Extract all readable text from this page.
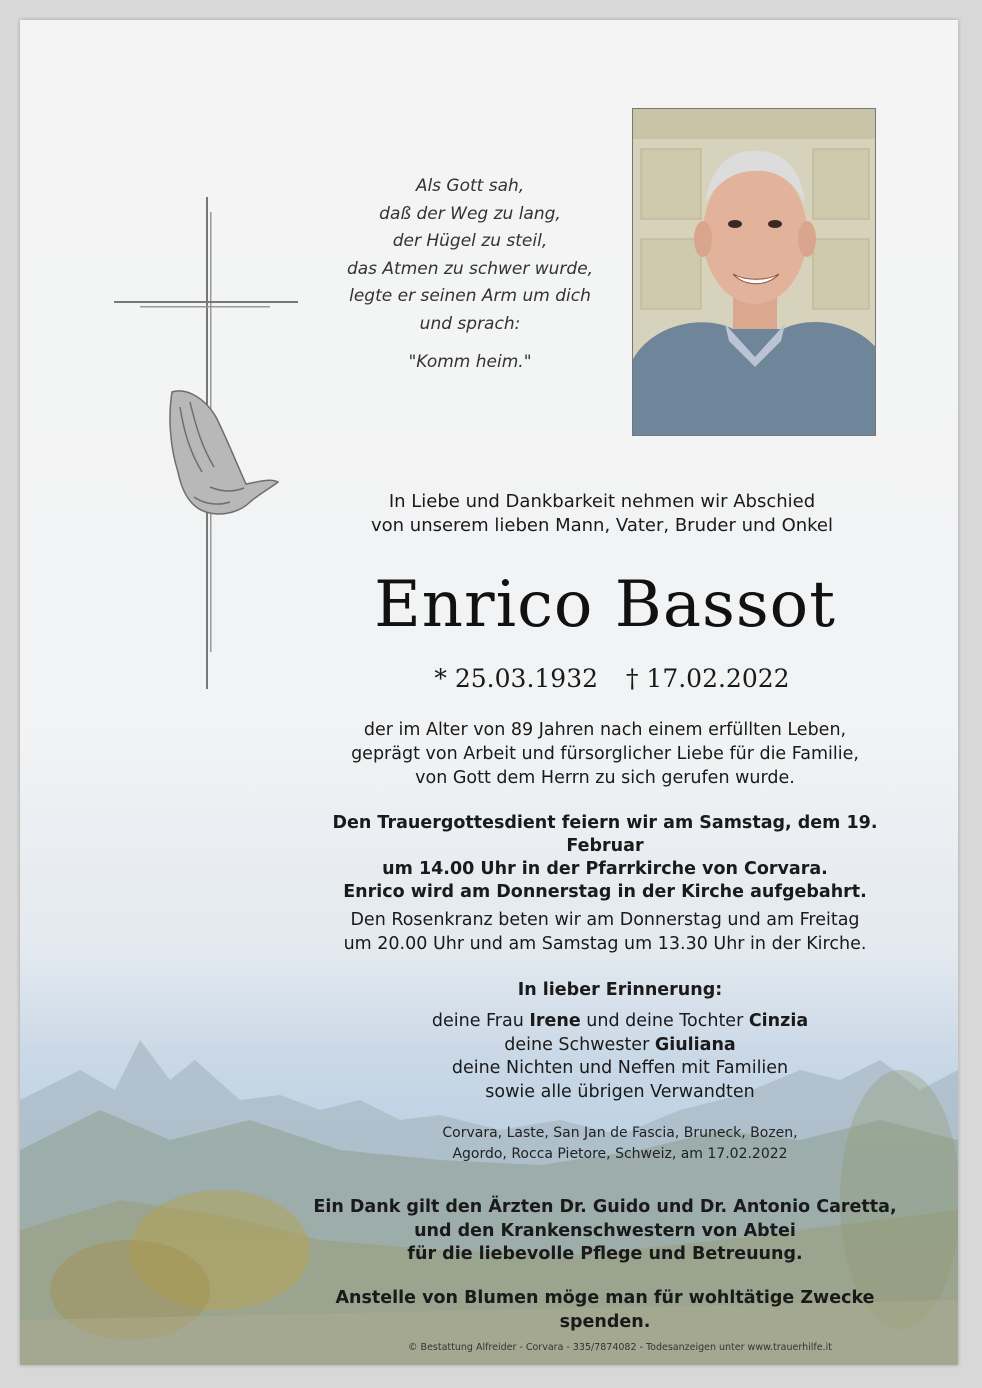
Als Gott sah,
daß der Weg zu lang,
der Hügel zu steil,
das Atmen zu schwer wurde,
legte er seinen Arm um dich
und sprach:
"Komm heim."
In Liebe und Dankbarkeit nehmen wir Abschied
von unserem lieben Mann, Vater, Bruder und Onkel
Enrico Bassot
* 25.03.1932 † 17.02.2022
der im Alter von 89 Jahren nach einem erfüllten Leben,
geprägt von Arbeit und fürsorglicher Liebe für die Familie,
von Gott dem Herrn zu sich gerufen wurde.
Den Trauergottesdient feiern wir am Samstag, dem 19. Februar
um 14.00 Uhr in der Pfarrkirche von Corvara.
Enrico wird am Donnerstag in der Kirche aufgebahrt.
Den Rosenkranz beten wir am Donnerstag und am Freitag
um 20.00 Uhr und am Samstag um 13.30 Uhr in der Kirche.
In lieber Erinnerung:
deine Frau Irene und deine Tochter Cinzia
deine Schwester Giuliana
deine Nichten und Neffen mit Familien
sowie alle übrigen Verwandten
Corvara, Laste, San Jan de Fascia, Bruneck, Bozen,
Agordo, Rocca Pietore, Schweiz, am 17.02.2022
Ein Dank gilt den Ärzten Dr. Guido und Dr. Antonio Caretta,
und den Krankenschwestern von Abtei
für die liebevolle Pflege und Betreuung.
Anstelle von Blumen möge man für wohltätige Zwecke spenden.
© Bestattung Alfreider - Corvara - 335/7874082 - Todesanzeigen unter www.trauerhilfe.it
